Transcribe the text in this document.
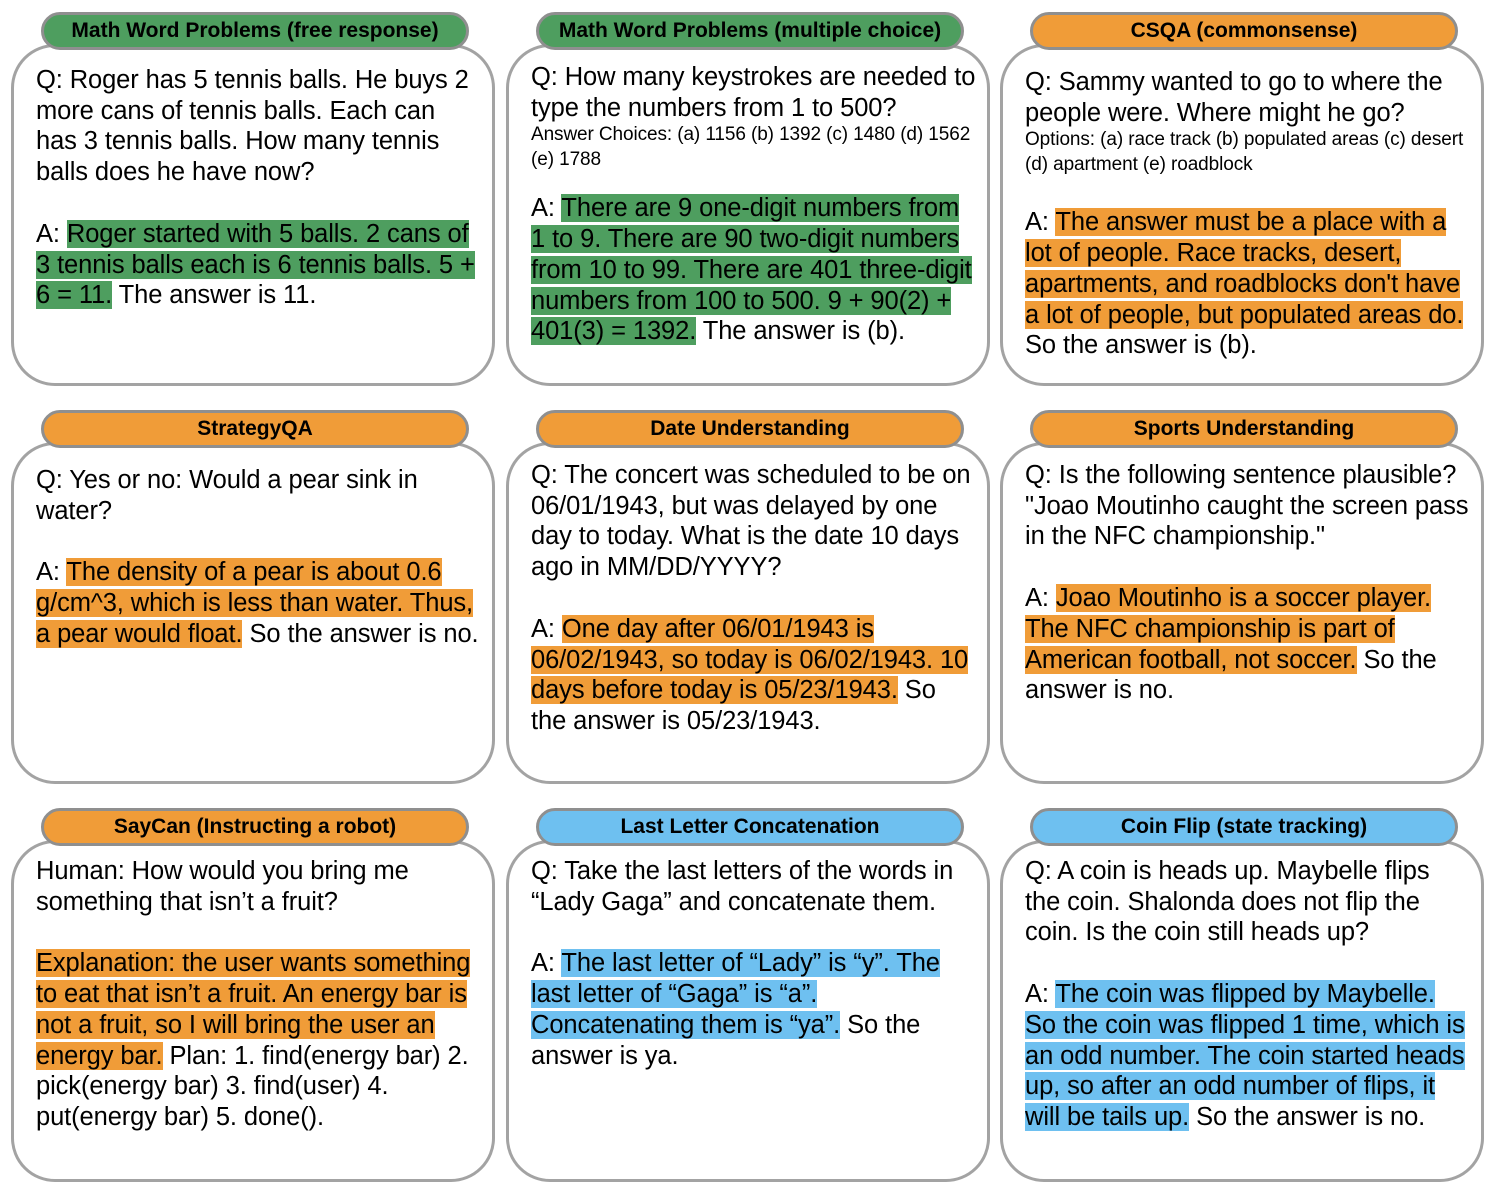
Math Word Problems (free response)

Q: Roger has 5 tennis balls. He buys 2 more cans of tennis balls. Each can has 3 tennis balls. How many tennis balls does he have now?

A: Roger started with 5 balls. 2 cans of 3 tennis balls each is 6 tennis balls. 5 + 6 = 11. The answer is 11.

Math Word Problems (multiple choice)

Q: How many keystrokes are needed to type the numbers from 1 to 500?

Answer Choices: (a) 1156 (b) 1392 (c) 1480 (d) 1562 (e) 1788

A: There are 9 one-digit numbers from 1 to 9. There are 90 two-digit numbers from 10 to 99. There are 401 three-digit numbers from 100 to 500. 9 + 90(2) + 401(3) = 1392. The answer is (b).

CSQA (commonsense)

Q: Sammy wanted to go to where the people were. Where might he go?

Options: (a) race track (b) populated areas (c) desert (d) apartment (e) roadblock

A: The answer must be a place with a lot of people. Race tracks, desert, apartments, and roadblocks don't have a lot of people, but populated areas do. So the answer is (b).

StrategyQA

Q: Yes or no: Would a pear sink in water?

A: The density of a pear is about 0.6 g/cm^3, which is less than water. Thus, a pear would float. So the answer is no.

Date Understanding

Q: The concert was scheduled to be on 06/01/1943, but was delayed by one day to today. What is the date 10 days ago in MM/DD/YYYY?

A: One day after 06/01/1943 is 06/02/1943, so today is 06/02/1943. 10 days before today is 05/23/1943. So the answer is 05/23/1943.

Sports Understanding

Q: Is the following sentence plausible? "Joao Moutinho caught the screen pass in the NFC championship."

A: Joao Moutinho is a soccer player. The NFC championship is part of American football, not soccer. So the answer is no.

SayCan (Instructing a robot)

Human: How would you bring me something that isn’t a fruit?

Explanation: the user wants something to eat that isn’t a fruit. An energy bar is not a fruit, so I will bring the user an energy bar. Plan: 1. find(energy bar) 2. pick(energy bar) 3. find(user) 4. put(energy bar) 5. done().

Last Letter Concatenation

Q: Take the last letters of the words in “Lady Gaga” and concatenate them.

A: The last letter of “Lady” is “y”. The last letter of “Gaga” is “a”. Concatenating them is “ya”. So the answer is ya.

Coin Flip (state tracking)

Q: A coin is heads up. Maybelle flips the coin. Shalonda does not flip the coin. Is the coin still heads up?

A: The coin was flipped by Maybelle. So the coin was flipped 1 time, which is an odd number. The coin started heads up, so after an odd number of flips, it will be tails up. So the answer is no.
